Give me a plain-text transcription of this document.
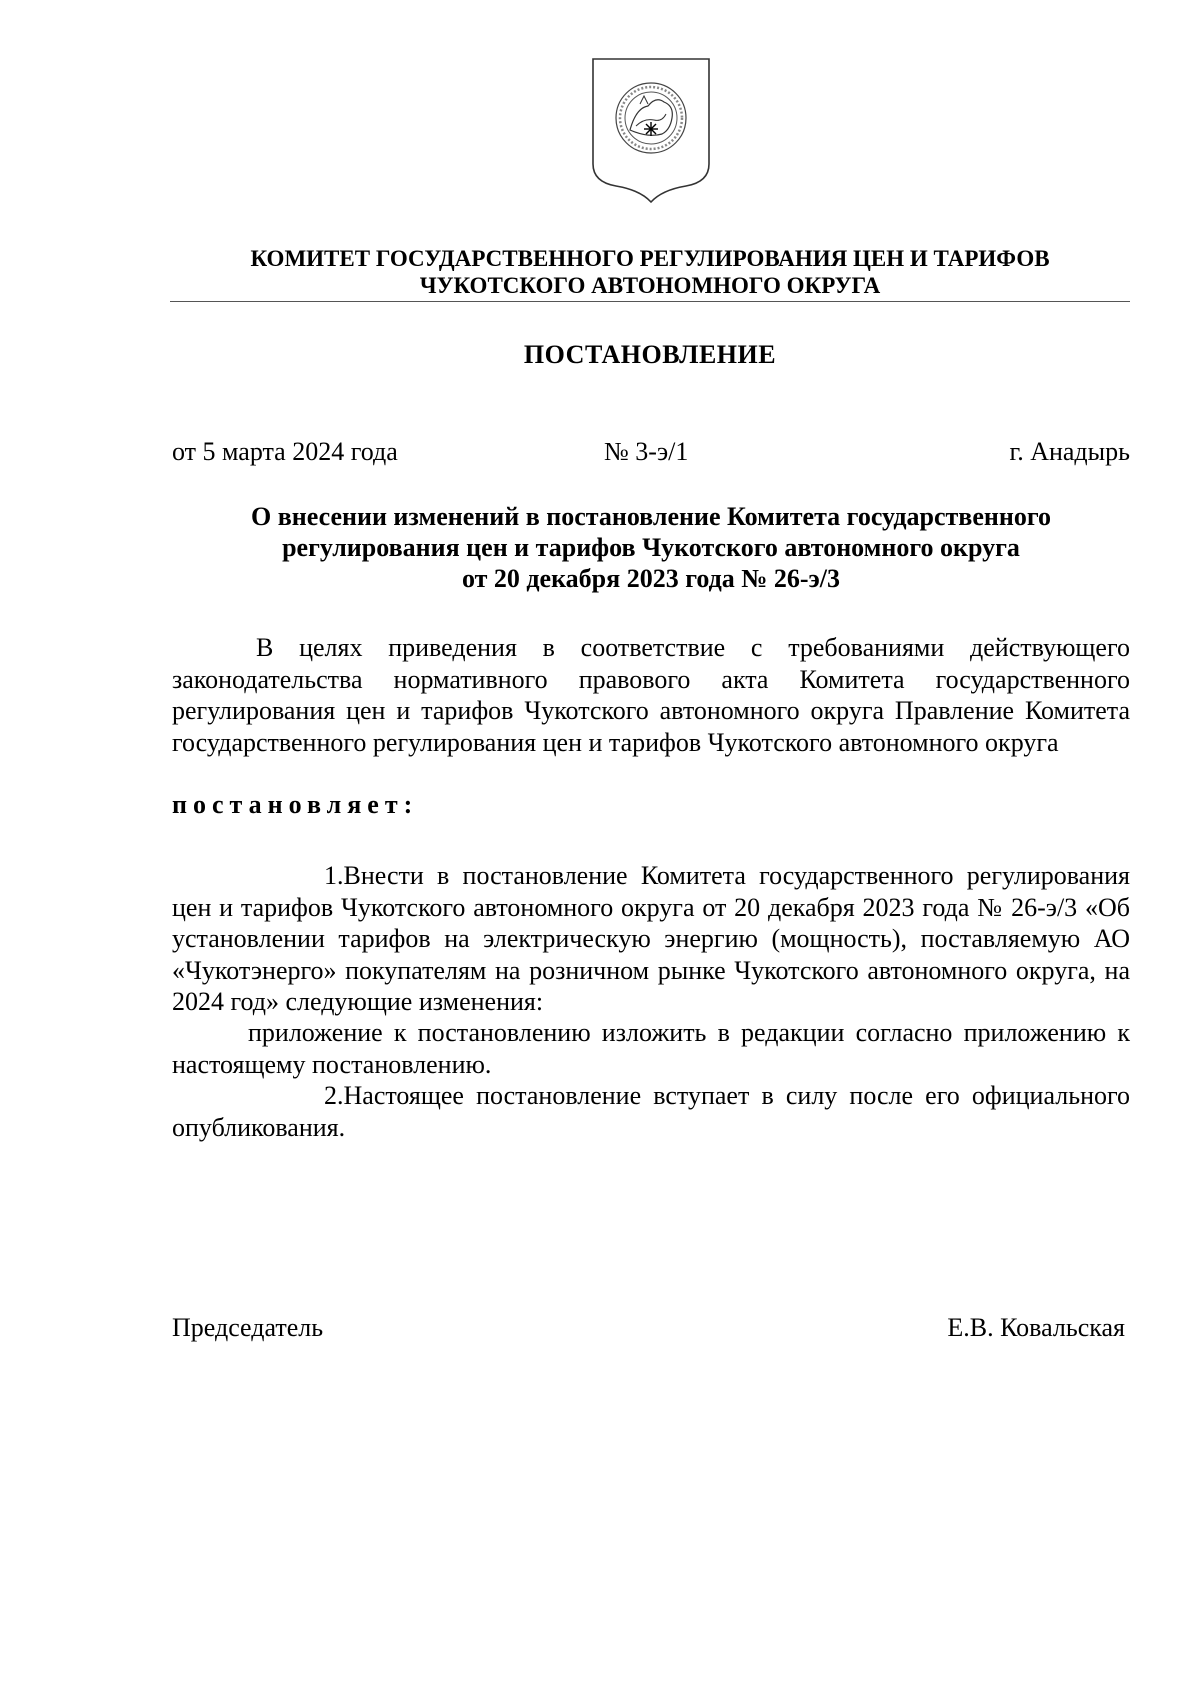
КОМИТЕТ ГОСУДАРСТВЕННОГО РЕГУЛИРОВАНИЯ ЦЕН И ТАРИФОВ
ЧУКОТСКОГО АВТОНОМНОГО ОКРУГА
ПОСТАНОВЛЕНИЕ
от 5 марта 2024 года	№ 3-э/1	г. Анадырь
О внесении изменений в постановление Комитета государственного
регулирования цен и тарифов Чукотского автономного округа
от 20 декабря 2023 года № 26-э/3
В целях приведения в соответствие с требованиями действующего законодательства нормативного правового акта Комитета государственного регулирования цен и тарифов Чукотского автономного округа Правление Комитета государственного регулирования цен и тарифов Чукотского автономного округа
постановляет:
1.Внести в постановление Комитета государственного регулирования цен и тарифов Чукотского автономного округа от 20 декабря 2023 года № 26-э/3 «Об установлении тарифов на электрическую энергию (мощность), поставляемую АО «Чукотэнерго» покупателям на розничном рынке Чукотского автономного округа, на 2024 год» следующие изменения:
приложение к постановлению изложить в редакции согласно приложению к настоящему постановлению.
2.Настоящее постановление вступает в силу после его официального опубликования.
Председатель	Е.В. Ковальская
